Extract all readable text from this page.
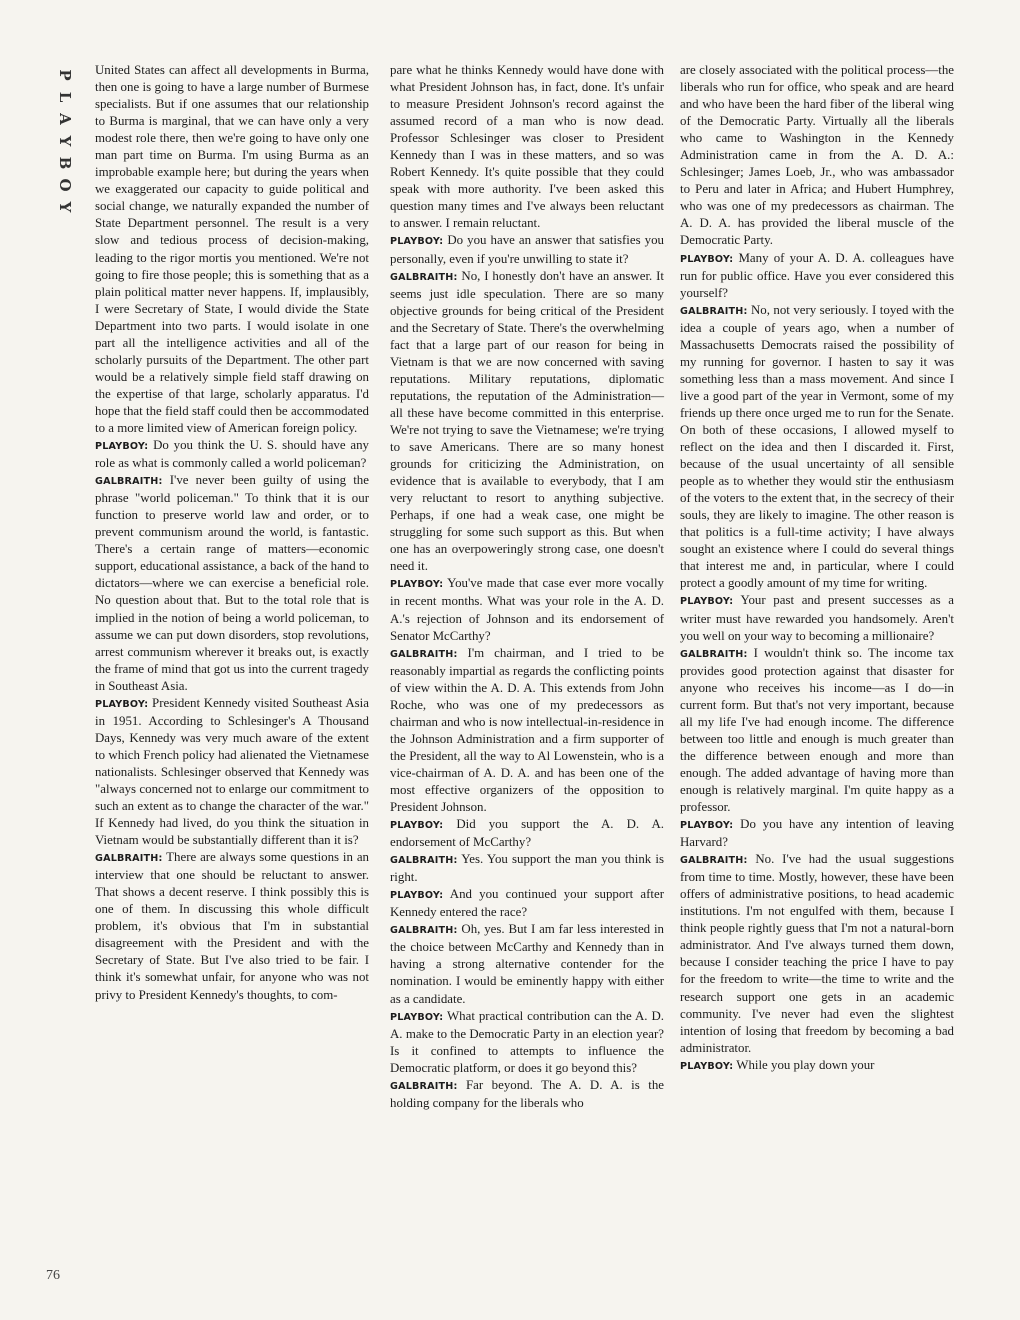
P
L
A
Y
B
O
Y
76

United States can affect all developments in Burma, then one is going to have a large number of Burmese specialists. But if one assumes that our relationship to Burma is marginal, that we can have only a very modest role there, then we're going to have only one man part time on Burma. I'm using Burma as an improbable example here; but during the years when we exaggerated our capacity to guide political and social change, we naturally expanded the number of State Department personnel. The result is a very slow and tedious process of decision-making, leading to the rigor mortis you mentioned. We're not going to fire those people; this is something that as a plain political matter never happens. If, implausibly, I were Secretary of State, I would divide the State Department into two parts. I would isolate in one part all the intelligence activities and all of the scholarly pursuits of the Department. The other part would be a relatively simple field staff drawing on the expertise of that large, scholarly apparatus. I'd hope that the field staff could then be accommodated to a more limited view of American foreign policy.

PLAYBOY: Do you think the U. S. should have any role as what is commonly called a world policeman?

GALBRAITH: I've never been guilty of using the phrase "world policeman." To think that it is our function to preserve world law and order, or to prevent communism around the world, is fantastic. There's a certain range of matters—economic support, educational assistance, a back of the hand to dictators—where we can exercise a beneficial role. No question about that. But to the total role that is implied in the notion of being a world policeman, to assume we can put down disorders, stop revolutions, arrest communism wherever it breaks out, is exactly the frame of mind that got us into the current tragedy in Southeast Asia.

PLAYBOY: President Kennedy visited Southeast Asia in 1951. According to Schlesinger's A Thousand Days, Kennedy was very much aware of the extent to which French policy had alienated the Vietnamese nationalists. Schlesinger observed that Kennedy was "always concerned not to enlarge our commitment to such an extent as to change the character of the war." If Kennedy had lived, do you think the situation in Vietnam would be substantially different than it is?

GALBRAITH: There are always some questions in an interview that one should be reluctant to answer. That shows a decent reserve. I think possibly this is one of them. In discussing this whole difficult problem, it's obvious that I'm in substantial disagreement with the President and with the Secretary of State. But I've also tried to be fair. I think it's somewhat unfair, for anyone who was not privy to President Kennedy's thoughts, to com-

pare what he thinks Kennedy would have done with what President Johnson has, in fact, done. It's unfair to measure President Johnson's record against the assumed record of a man who is now dead. Professor Schlesinger was closer to President Kennedy than I was in these matters, and so was Robert Kennedy. It's quite possible that they could speak with more authority. I've been asked this question many times and I've always been reluctant to answer. I remain reluctant.

PLAYBOY: Do you have an answer that satisfies you personally, even if you're unwilling to state it?

GALBRAITH: No, I honestly don't have an answer. It seems just idle speculation. There are so many objective grounds for being critical of the President and the Secretary of State. There's the overwhelming fact that a large part of our reason for being in Vietnam is that we are now concerned with saving reputations. Military reputations, diplomatic reputations, the reputation of the Administration—all these have become committed in this enterprise. We're not trying to save the Vietnamese; we're trying to save Americans. There are so many honest grounds for criticizing the Administration, on evidence that is available to everybody, that I am very reluctant to resort to anything subjective. Perhaps, if one had a weak case, one might be struggling for some such support as this. But when one has an overpoweringly strong case, one doesn't need it.

PLAYBOY: You've made that case ever more vocally in recent months. What was your role in the A. D. A.'s rejection of Johnson and its endorsement of Senator McCarthy?

GALBRAITH: I'm chairman, and I tried to be reasonably impartial as regards the conflicting points of view within the A. D. A. This extends from John Roche, who was one of my predecessors as chairman and who is now intellectual-in-residence in the Johnson Administration and a firm supporter of the President, all the way to Al Lowenstein, who is a vice-chairman of A. D. A. and has been one of the most effective organizers of the opposition to President Johnson.

PLAYBOY: Did you support the A. D. A. endorsement of McCarthy?

GALBRAITH: Yes. You support the man you think is right.

PLAYBOY: And you continued your support after Kennedy entered the race?

GALBRAITH: Oh, yes. But I am far less interested in the choice between McCarthy and Kennedy than in having a strong alternative contender for the nomination. I would be eminently happy with either as a candidate.

PLAYBOY: What practical contribution can the A. D. A. make to the Democratic Party in an election year? Is it confined to attempts to influence the Democratic platform, or does it go beyond this?

GALBRAITH: Far beyond. The A. D. A. is the holding company for the liberals who

are closely associated with the political process—the liberals who run for office, who speak and are heard and who have been the hard fiber of the liberal wing of the Democratic Party. Virtually all the liberals who came to Washington in the Kennedy Administration came in from the A. D. A.: Schlesinger; James Loeb, Jr., who was ambassador to Peru and later in Africa; and Hubert Humphrey, who was one of my predecessors as chairman. The A. D. A. has provided the liberal muscle of the Democratic Party.

PLAYBOY: Many of your A. D. A. colleagues have run for public office. Have you ever considered this yourself?

GALBRAITH: No, not very seriously. I toyed with the idea a couple of years ago, when a number of Massachusetts Democrats raised the possibility of my running for governor. I hasten to say it was something less than a mass movement. And since I live a good part of the year in Vermont, some of my friends up there once urged me to run for the Senate. On both of these occasions, I allowed myself to reflect on the idea and then I discarded it. First, because of the usual uncertainty of all sensible people as to whether they would stir the enthusiasm of the voters to the extent that, in the secrecy of their souls, they are likely to imagine. The other reason is that politics is a full-time activity; I have always sought an existence where I could do several things that interest me and, in particular, where I could protect a goodly amount of my time for writing.

PLAYBOY: Your past and present successes as a writer must have rewarded you handsomely. Aren't you well on your way to becoming a millionaire?

GALBRAITH: I wouldn't think so. The income tax provides good protection against that disaster for anyone who receives his income—as I do—in current form. But that's not very important, because all my life I've had enough income. The difference between too little and enough is much greater than the difference between enough and more than enough. The added advantage of having more than enough is relatively marginal. I'm quite happy as a professor.

PLAYBOY: Do you have any intention of leaving Harvard?

GALBRAITH: No. I've had the usual suggestions from time to time. Mostly, however, these have been offers of administrative positions, to head academic institutions. I'm not engulfed with them, because I think people rightly guess that I'm not a natural-born administrator. And I've always turned them down, because I consider teaching the price I have to pay for the freedom to write—the time to write and the research support one gets in an academic community. I've never had even the slightest intention of losing that freedom by becoming a bad administrator.

PLAYBOY: While you play down your
